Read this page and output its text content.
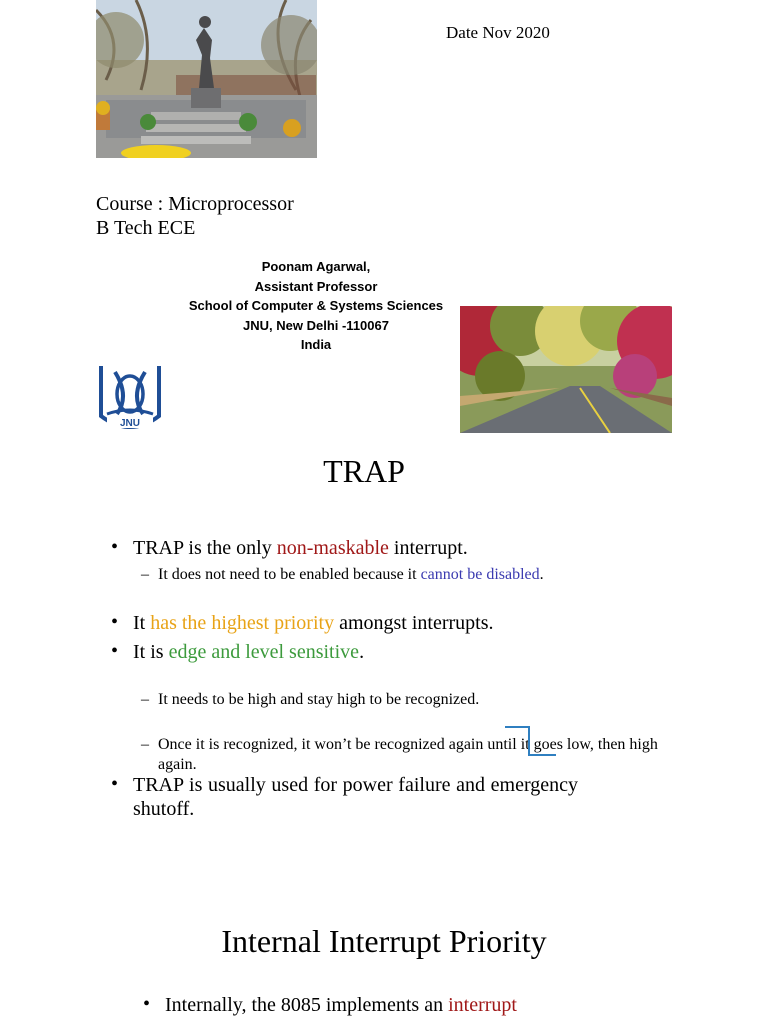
Date Nov 2020
Course : Microprocessor
B Tech ECE
Poonam Agarwal,
Assistant Professor
School of Computer & Systems Sciences
JNU, New Delhi -110067
India
JNU
TRAP
• TRAP is the only non-maskable interrupt.
– It does not need to be enabled because it cannot be disabled.
• It has the highest priority amongst interrupts.
• It is edge and level sensitive.
– It needs to be high and stay high to be recognized.
– Once it is recognized, it won’t be recognized again until it goes low, then high again.
• TRAP is usually used for power failure and emergency shutoff.
Internal Interrupt Priority
• Internally, the 8085 implements an interrupt
